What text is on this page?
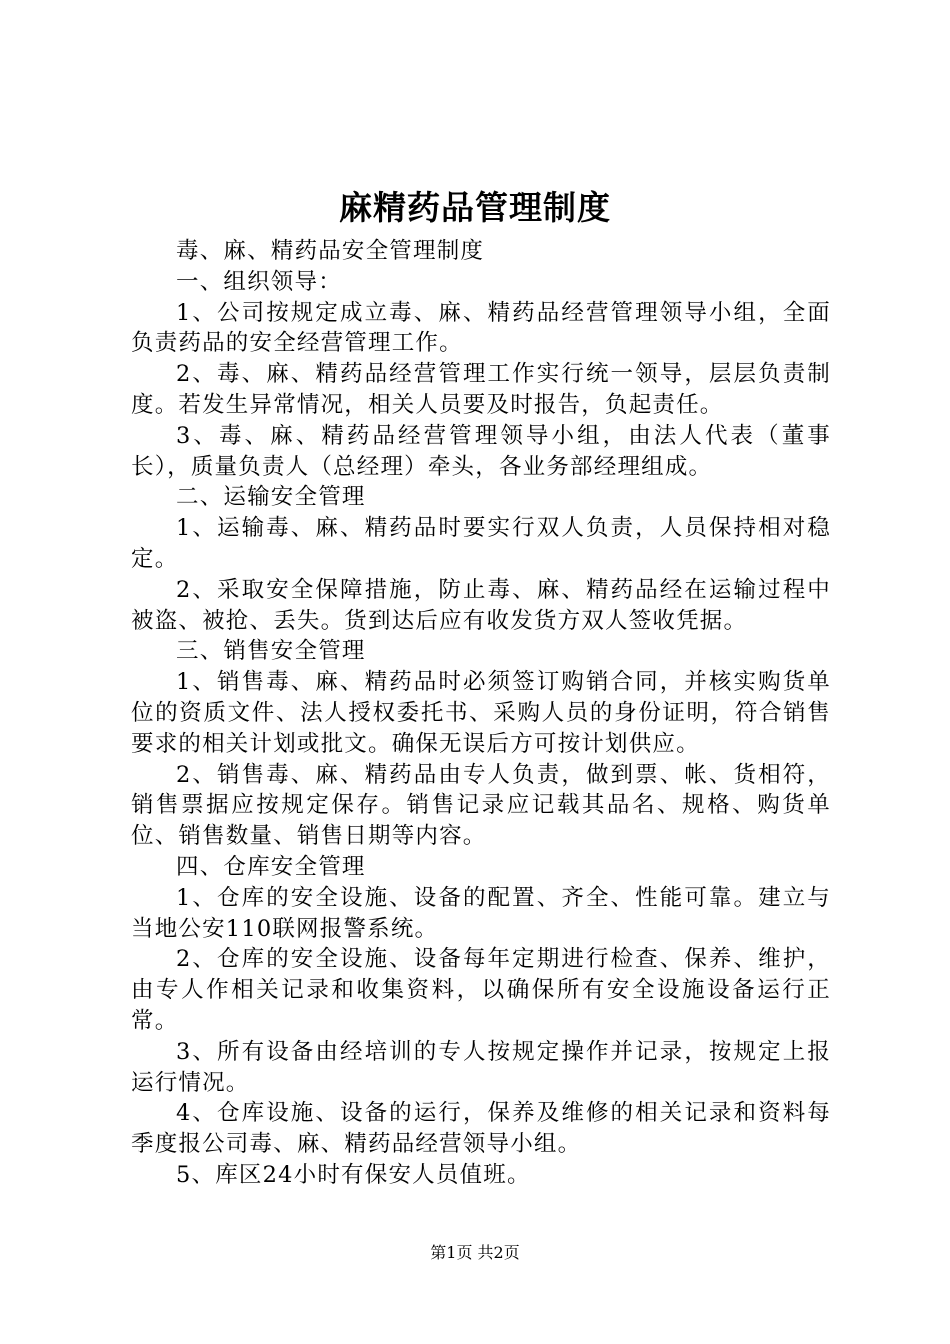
麻精药品管理制度

毒、麻、精药品安全管理制度

一、组织领导：

1、公司按规定成立毒、麻、精药品经营管理领导小组，全面负责药品的安全经营管理工作。

2、毒、麻、精药品经营管理工作实行统一领导，层层负责制度。若发生异常情况，相关人员要及时报告，负起责任。

3、毒、麻、精药品经营管理领导小组，由法人代表（董事长），质量负责人（总经理）牵头，各业务部经理组成。

二、运输安全管理

1、运输毒、麻、精药品时要实行双人负责，人员保持相对稳定。

2、采取安全保障措施，防止毒、麻、精药品经在运输过程中被盗、被抢、丢失。货到达后应有收发货方双人签收凭据。

三、销售安全管理

1、销售毒、麻、精药品时必须签订购销合同，并核实购货单位的资质文件、法人授权委托书、采购人员的身份证明，符合销售要求的相关计划或批文。确保无误后方可按计划供应。

2、销售毒、麻、精药品由专人负责，做到票、帐、货相符，销售票据应按规定保存。销售记录应记载其品名、规格、购货单位、销售数量、销售日期等内容。

四、仓库安全管理

1、仓库的安全设施、设备的配置、齐全、性能可靠。建立与当地公安110联网报警系统。

2、仓库的安全设施、设备每年定期进行检查、保养、维护，由专人作相关记录和收集资料，以确保所有安全设施设备运行正常。

3、所有设备由经培训的专人按规定操作并记录，按规定上报运行情况。

4、仓库设施、设备的运行，保养及维修的相关记录和资料每季度报公司毒、麻、精药品经营领导小组。

5、库区24小时有保安人员值班。

第1页 共2页
